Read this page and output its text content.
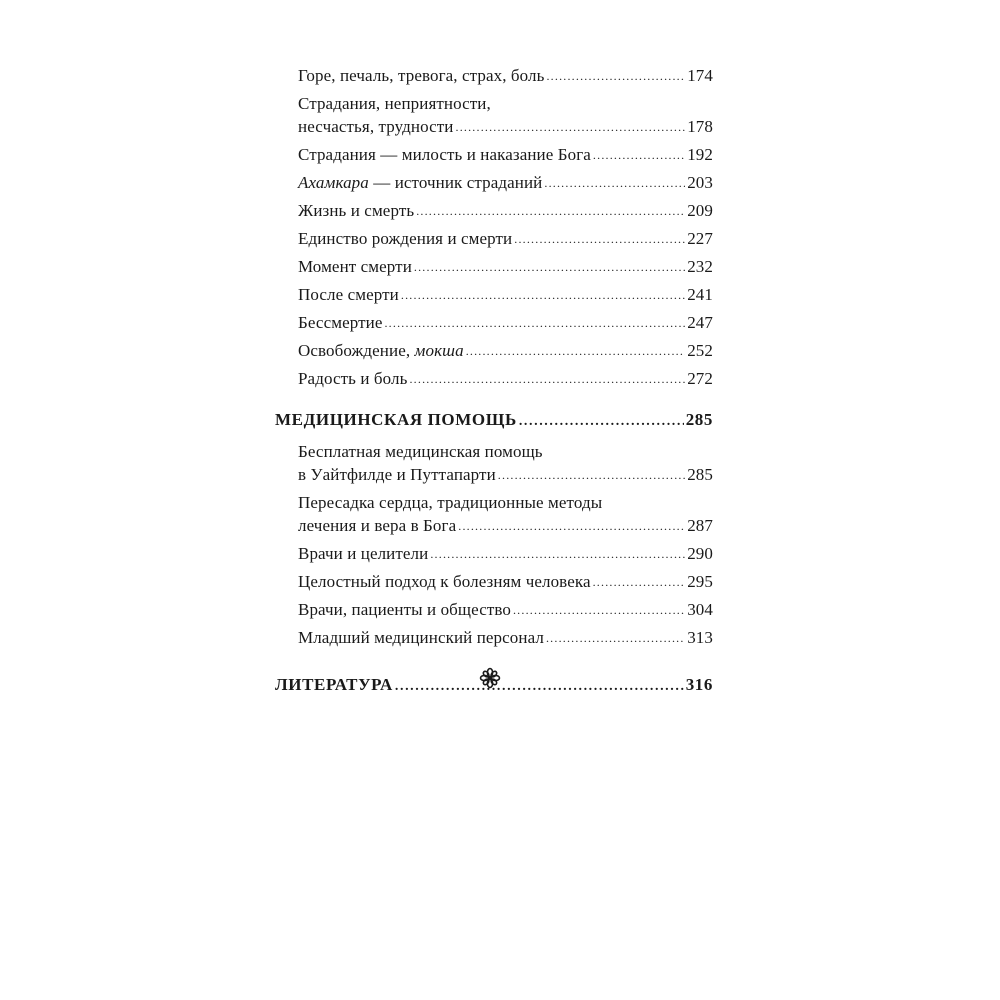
Горе, печаль, тревога, страх, боль .....	174
Страдания, неприятности,
несчастья, трудности .....	178
Страдания — милость и наказание Бога .....	192
Ахамкара — источник страданий .....	203
Жизнь и смерть .....	209
Единство рождения и смерти .....	227
Момент смерти .....	232
После смерти .....	241
Бессмертие .....	247
Освобождение, мокша .....	252
Радость и боль .....	272
МЕДИЦИНСКАЯ ПОМОЩЬ .....	285
Бесплатная медицинская помощь
в Уайтфилде и Путтапарти .....	285
Пересадка сердца, традиционные методы
лечения и вера в Бога .....	287
Врачи и целители .....	290
Целостный подход к болезням человека .....	295
Врачи, пациенты и общество .....	304
Младший медицинский персонал .....	313
ЛИТЕРАТУРА .....	316
